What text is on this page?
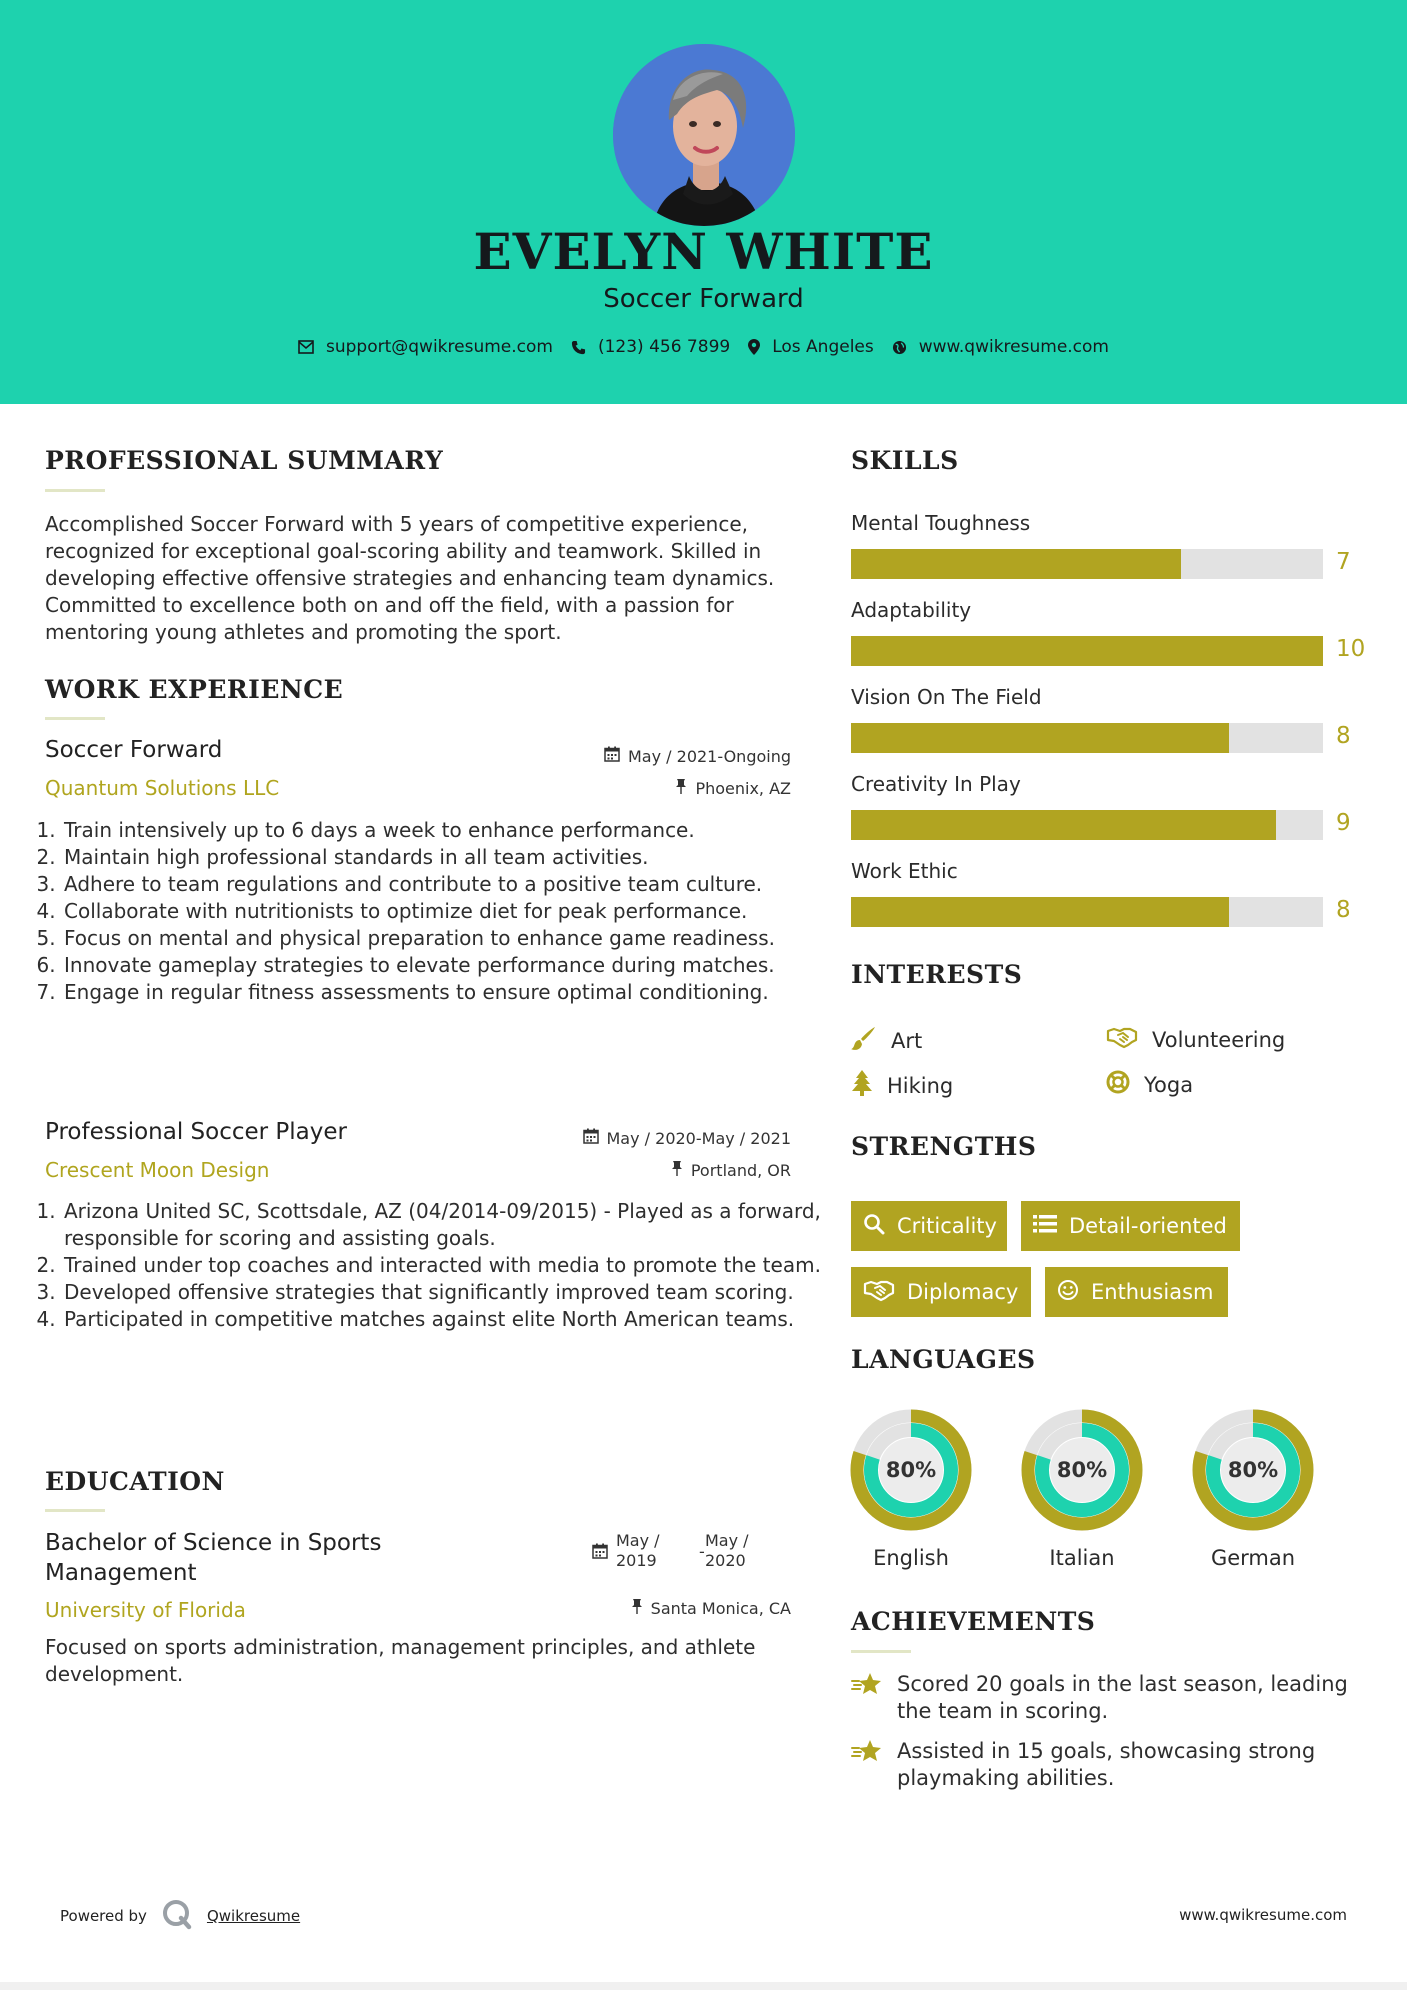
EVELYN WHITE
Soccer Forward
support@qwikresume.com	(123) 456 7899 Los Angeles	www.qwikresume.com
PROFESSIONAL SUMMARY
Accomplished Soccer Forward with 5 years of competitive experience, recognized for exceptional goal-scoring ability and teamwork. Skilled in developing effective offensive strategies and enhancing team dynamics. Committed to excellence both on and off the field, with a passion for mentoring young athletes and promoting the sport.
WORK EXPERIENCE
Soccer Forward	May / 2021-Ongoing
Quantum Solutions LLC	Phoenix, AZ
1. Train intensively up to 6 days a week to enhance performance.
2. Maintain high professional standards in all team activities.
3. Adhere to team regulations and contribute to a positive team culture.
4. Collaborate with nutritionists to optimize diet for peak performance.
5. Focus on mental and physical preparation to enhance game readiness.
6. Innovate gameplay strategies to elevate performance during matches.
7. Engage in regular fitness assessments to ensure optimal conditioning.
Professional Soccer Player	May / 2020-May / 2021
Crescent Moon Design	Portland, OR
1. Arizona United SC, Scottsdale, AZ (04/2014-09/2015) - Played as a forward, responsible for scoring and assisting goals.
2. Trained under top coaches and interacted with media to promote the team.
3. Developed offensive strategies that significantly improved team scoring.
4. Participated in competitive matches against elite North American teams.
EDUCATION
Bachelor of Science in Sports
Management
May /
2019	-
May /
2020
University of Florida	Santa Monica, CA
Focused on sports administration, management principles, and athlete development.
SKILLS
Mental Toughness
7
Adaptability
10
Vision On The Field
8
Creativity In Play
9
Work Ethic
8
INTERESTS
Art	Volunteering
Hiking	Yoga
STRENGTHS
Criticality	Detail-oriented
Diplomacy	Enthusiasm
LANGUAGES
80%
English
80%
Italian
80%
German
ACHIEVEMENTS
Scored 20 goals in the last season, leading the team in scoring.
Assisted in 15 goals, showcasing strong playmaking abilities.
Powered by	Qwikresume	www.qwikresume.com
